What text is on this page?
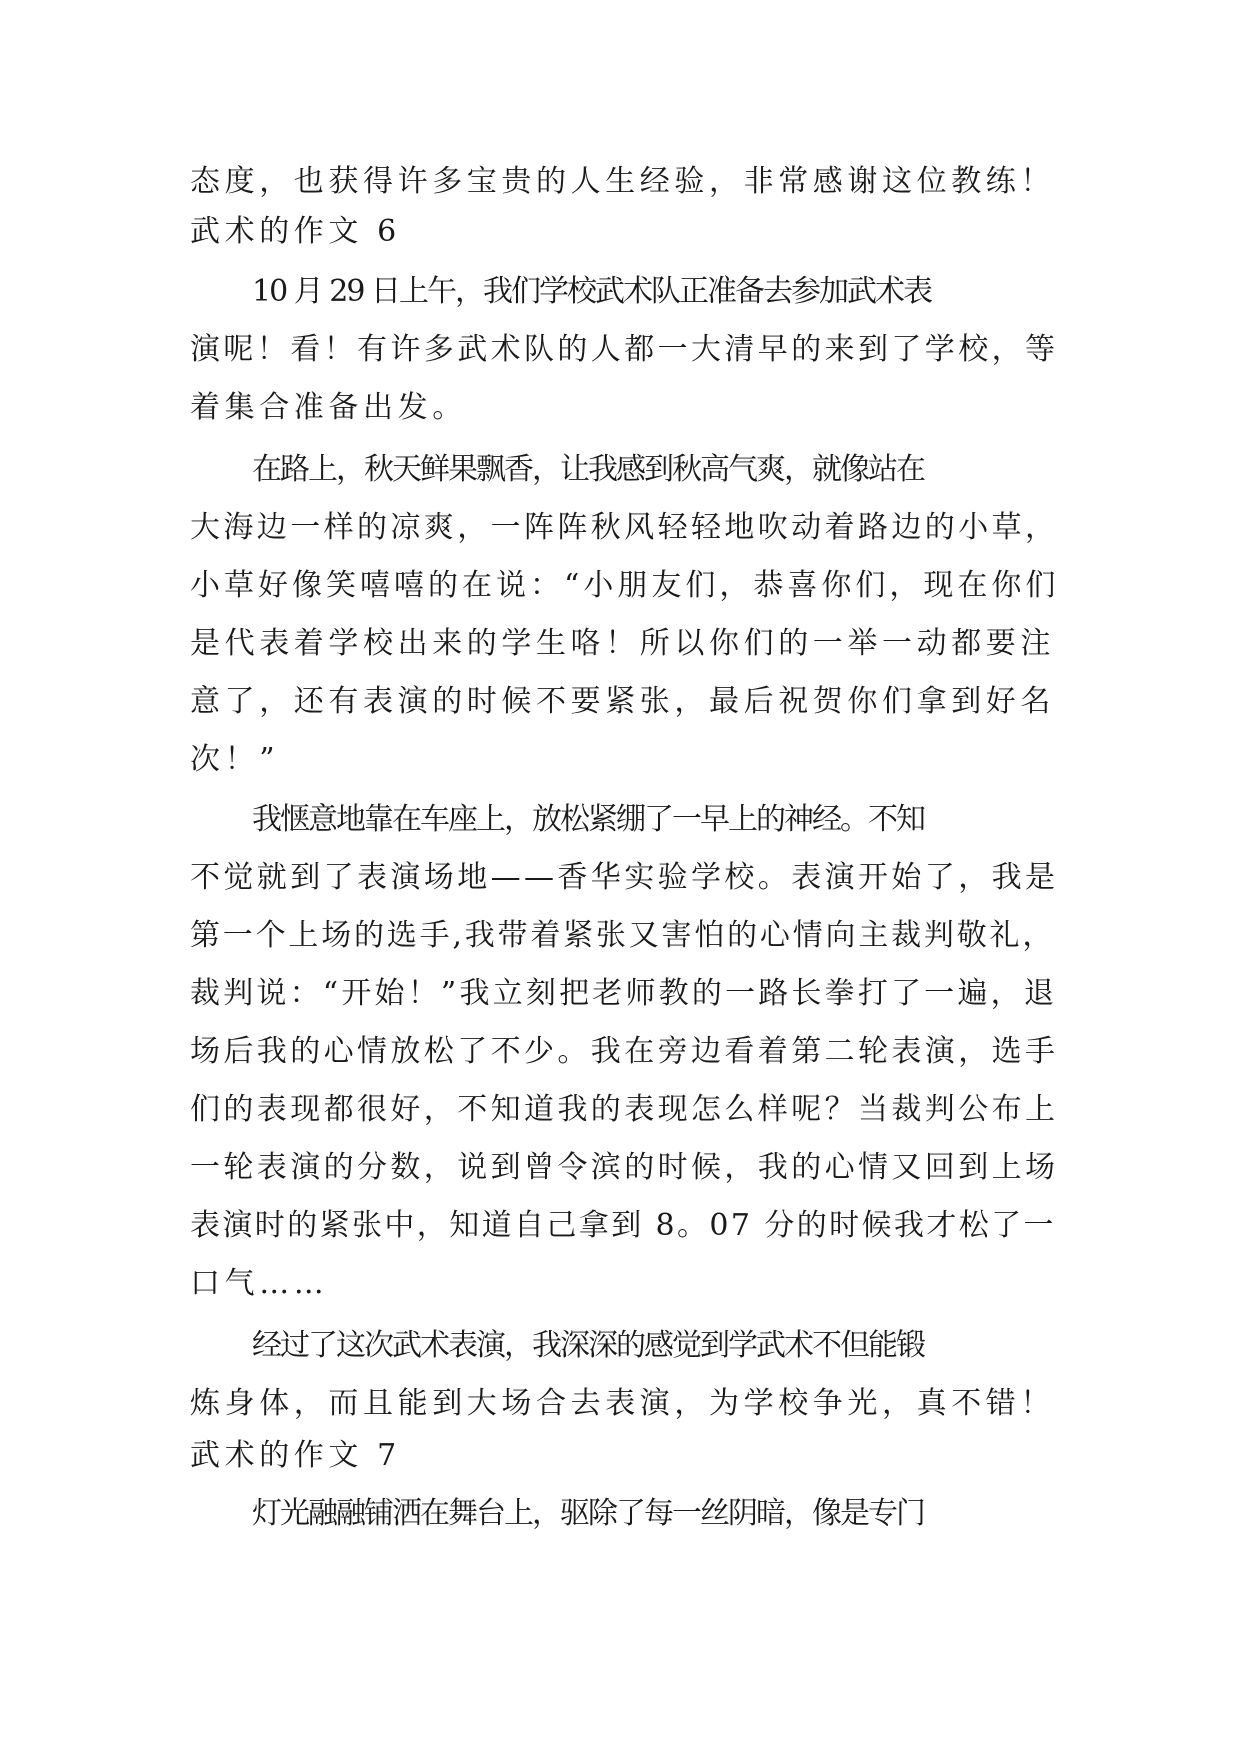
态度，也获得许多宝贵的人生经验，非常感谢这位教练！
武术的作文 6
10 月 29 日上午，我们学校武术队正准备去参加武术表
演呢！看！有许多武术队的人都一大清早的来到了学校，等
着集合准备出发。
在路上，秋天鲜果飘香，让我感到秋高气爽，就像站在
大海边一样的凉爽，一阵阵秋风轻轻地吹动着路边的小草，
小草好像笑嘻嘻的在说：“小朋友们，恭喜你们，现在你们
是代表着学校出来的学生咯！所以你们的一举一动都要注
意了，还有表演的时候不要紧张，最后祝贺你们拿到好名
次！”
我惬意地靠在车座上，放松紧绷了一早上的神经。不知
不觉就到了表演场地——香华实验学校。表演开始了，我是
第一个上场的选手,我带着紧张又害怕的心情向主裁判敬礼，
裁判说：“开始！”我立刻把老师教的一路长拳打了一遍，退
场后我的心情放松了不少。我在旁边看着第二轮表演，选手
们的表现都很好，不知道我的表现怎么样呢？当裁判公布上
一轮表演的分数，说到曾令滨的时候，我的心情又回到上场
表演时的紧张中，知道自己拿到 8。07 分的时候我才松了一
口气……
经过了这次武术表演，我深深的感觉到学武术不但能锻
炼身体，而且能到大场合去表演，为学校争光，真不错！
武术的作文 7
灯光融融铺洒在舞台上，驱除了每一丝阴暗，像是专门
